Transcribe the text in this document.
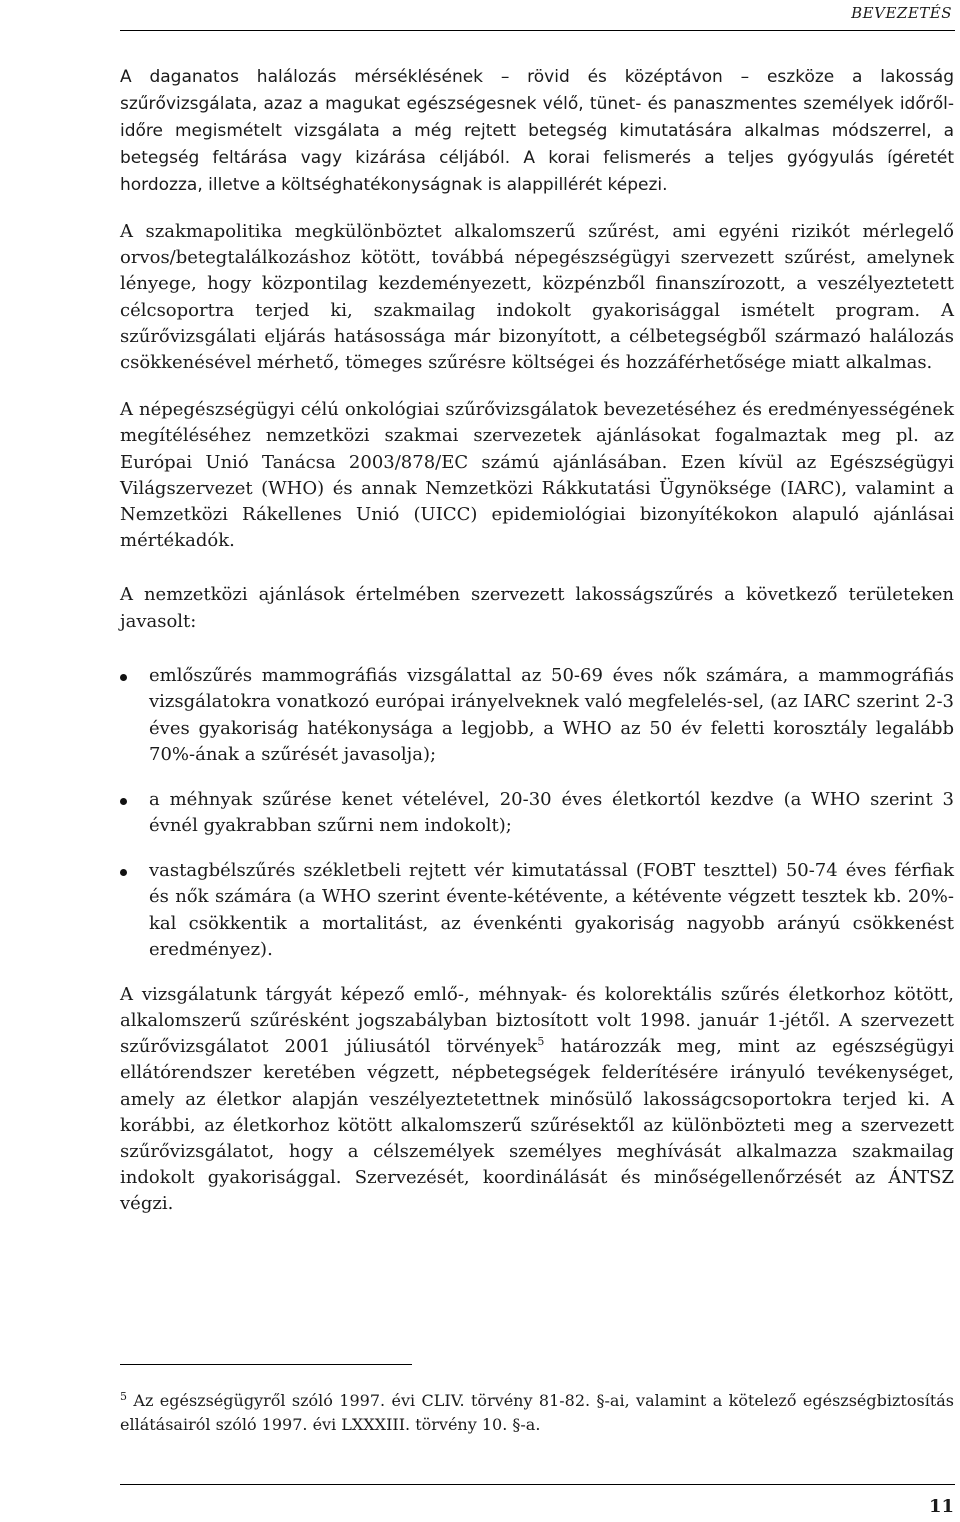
BEVEZETÉS

A daganatos halálozás mérséklésének – rövid és középtávon – eszköze a lakosság szűrővizsgálata, azaz a magukat egészségesnek vélő, tünet- és panaszmentes személyek időről-időre megismételt vizsgálata a még rejtett betegség kimutatására alkalmas módszerrel, a betegség feltárása vagy kizárása céljából. A korai felismerés a teljes gyógyulás ígéretét hordozza, illetve a költséghatékonyságnak is alappillérét képezi.

A szakmapolitika megkülönböztet alkalomszerű szűrést, ami egyéni rizikót mérlegelő orvos/betegtalálkozáshoz kötött, továbbá népegészségügyi szervezett szűrést, amelynek lényege, hogy központilag kezdeményezett, közpénzből finanszírozott, a veszélyeztetett célcsoportra terjed ki, szakmailag indokolt gyakorisággal ismételt program. A szűrővizsgálati eljárás hatásossága már bizonyított, a célbetegségből származó halálozás csökkenésével mérhető, tömeges szűrésre költségei és hozzáférhetősége miatt alkalmas.

A népegészségügyi célú onkológiai szűrővizsgálatok bevezetéséhez és eredményességének megítéléséhez nemzetközi szakmai szervezetek ajánlásokat fogalmaztak meg pl. az Európai Unió Tanácsa 2003/878/EC számú ajánlásában. Ezen kívül az Egészségügyi Világszervezet (WHO) és annak Nemzetközi Rákkutatási Ügynöksége (IARC), valamint a Nemzetközi Rákellenes Unió (UICC) epidemiológiai bizonyítékokon alapuló ajánlásai mértékadók.

A nemzetközi ajánlások értelmében szervezett lakosságszűrés a következő területeken javasolt:

emlőszűrés mammográfiás vizsgálattal az 50-69 éves nők számára, a mammográfiás vizsgálatokra vonatkozó európai irányelveknek való megfelelés-sel, (az IARC szerint 2-3 éves gyakoriság hatékonysága a legjobb, a WHO az 50 év feletti korosztály legalább 70%-ának a szűrését javasolja);

a méhnyak szűrése kenet vételével, 20-30 éves életkortól kezdve (a WHO szerint 3 évnél gyakrabban szűrni nem indokolt);

vastagbélszűrés székletbeli rejtett vér kimutatással (FOBT teszttel) 50-74 éves férfiak és nők számára (a WHO szerint évente-kétévente, a kétévente végzett tesztek kb. 20%-kal csökkentik a mortalitást, az évenkénti gyakoriság nagyobb arányú csökkenést eredményez).

A vizsgálatunk tárgyát képező emlő-, méhnyak- és kolorektális szűrés életkorhoz kötött, alkalomszerű szűrésként jogszabályban biztosított volt 1998. január 1-jétől. A szervezett szűrővizsgálatot 2001 júliusától törvények$^5$ határozzák meg, mint az egészségügyi ellátórendszer keretében végzett, népbetegségek felderítésére irányuló tevékenységet, amely az életkor alapján veszélyeztetettnek minősülő lakosságcsoportokra terjed ki. A korábbi, az életkorhoz kötött alkalomszerű szűrésektől az különbözteti meg a szervezett szűrővizsgálatot, hogy a célszemélyek személyes meghívását alkalmazza szakmailag indokolt gyakorisággal. Szervezését, koordinálását és minőségellenőrzését az ÁNTSZ végzi.

$^5$ Az egészségügyről szóló 1997. évi CLIV. törvény 81-82. §-ai, valamint a kötelező egészségbiztosítás ellátásairól szóló 1997. évi LXXXIII. törvény 10. §-a.
11
